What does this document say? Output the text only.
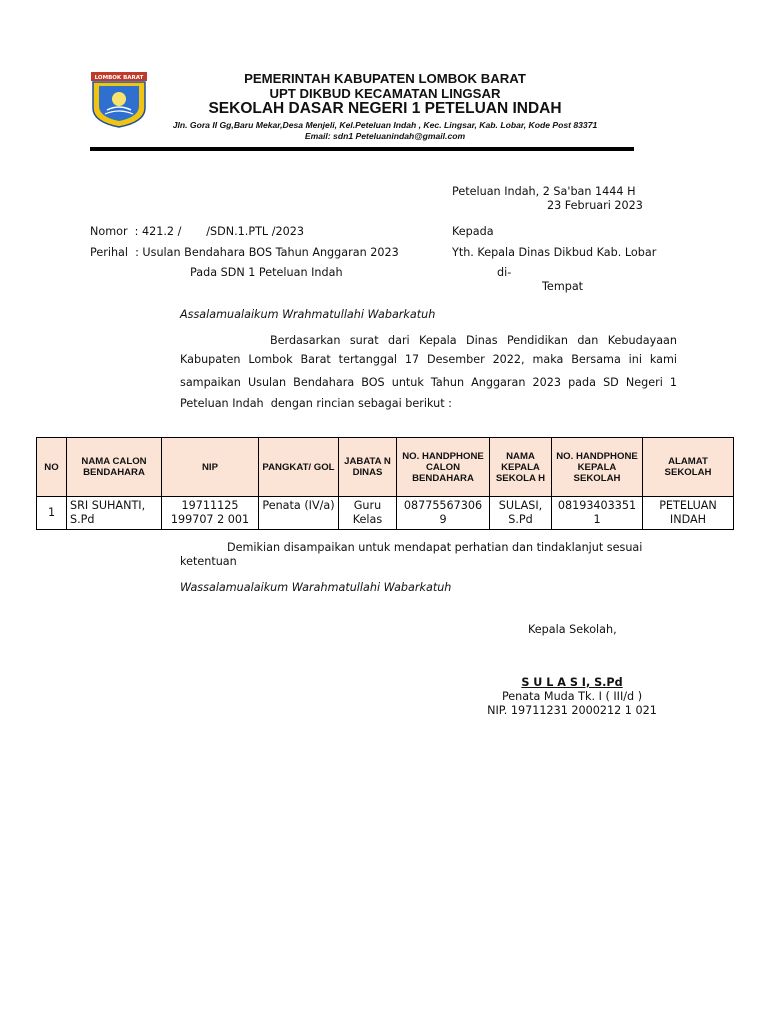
LOMBOK BARAT	PEMERINTAH KABUPATEN LOMBOK BARAT
UPT DIKBUD KECAMATAN LINGSAR
SEKOLAH DASAR NEGERI 1 PETELUAN INDAH
Jln. Gora II Gg,Baru Mekar,Desa Menjeli, Kel.Peteluan Indah , Kec. Lingsar, Kab. Lobar, Kode Post 83371
Email: sdn1 Peteluanindah@gmail.com
Peteluan Indah, 2 Sa'ban 1444 H
23 Februari 2023
Nomor  : 421.2 /       /SDN.1.PTL /2023
Perihal  : Usulan Bendahara BOS Tahun Anggaran 2023
Pada SDN 1 Peteluan Indah
Kepada
Yth. Kepala Dinas Dikbud Kab. Lobar
di-
Tempat
Assalamualaikum Wrahmatullahi Wabarkatuh
Berdasarkan surat dari Kepala Dinas Pendidikan dan Kebudayaan
Kabupaten Lombok Barat tertanggal 17 Desember 2022, maka Bersama ini kami
sampaikan Usulan Bendahara BOS untuk Tahun Anggaran 2023 pada SD Negeri 1
Peteluan Indah  dengan rincian sebagai berikut :
NO	NAMA CALON BENDAHARA	NIP	PANGKAT/ GOL	JABATA N DINAS	NO. HANDPHONE CALON BENDAHARA	NAMA KEPALA SEKOLA H	NO. HANDPHONE KEPALA SEKOLAH	ALAMAT SEKOLAH
1	SRI SUHANTI, S.Pd	19711125 199707 2 001	Penata (IV/a)	Guru Kelas	08775567306 9	SULASI, S.Pd	08193403351 1	PETELUAN INDAH
Demikian disampaikan untuk mendapat perhatian dan tindaklanjut sesuai
ketentuan
Wassalamualaikum Warahmatullahi Wabarkatuh
Kepala Sekolah,
S U L A S I, S.Pd
Penata Muda Tk. I ( III/d )
NIP. 19711231 2000212 1 021
